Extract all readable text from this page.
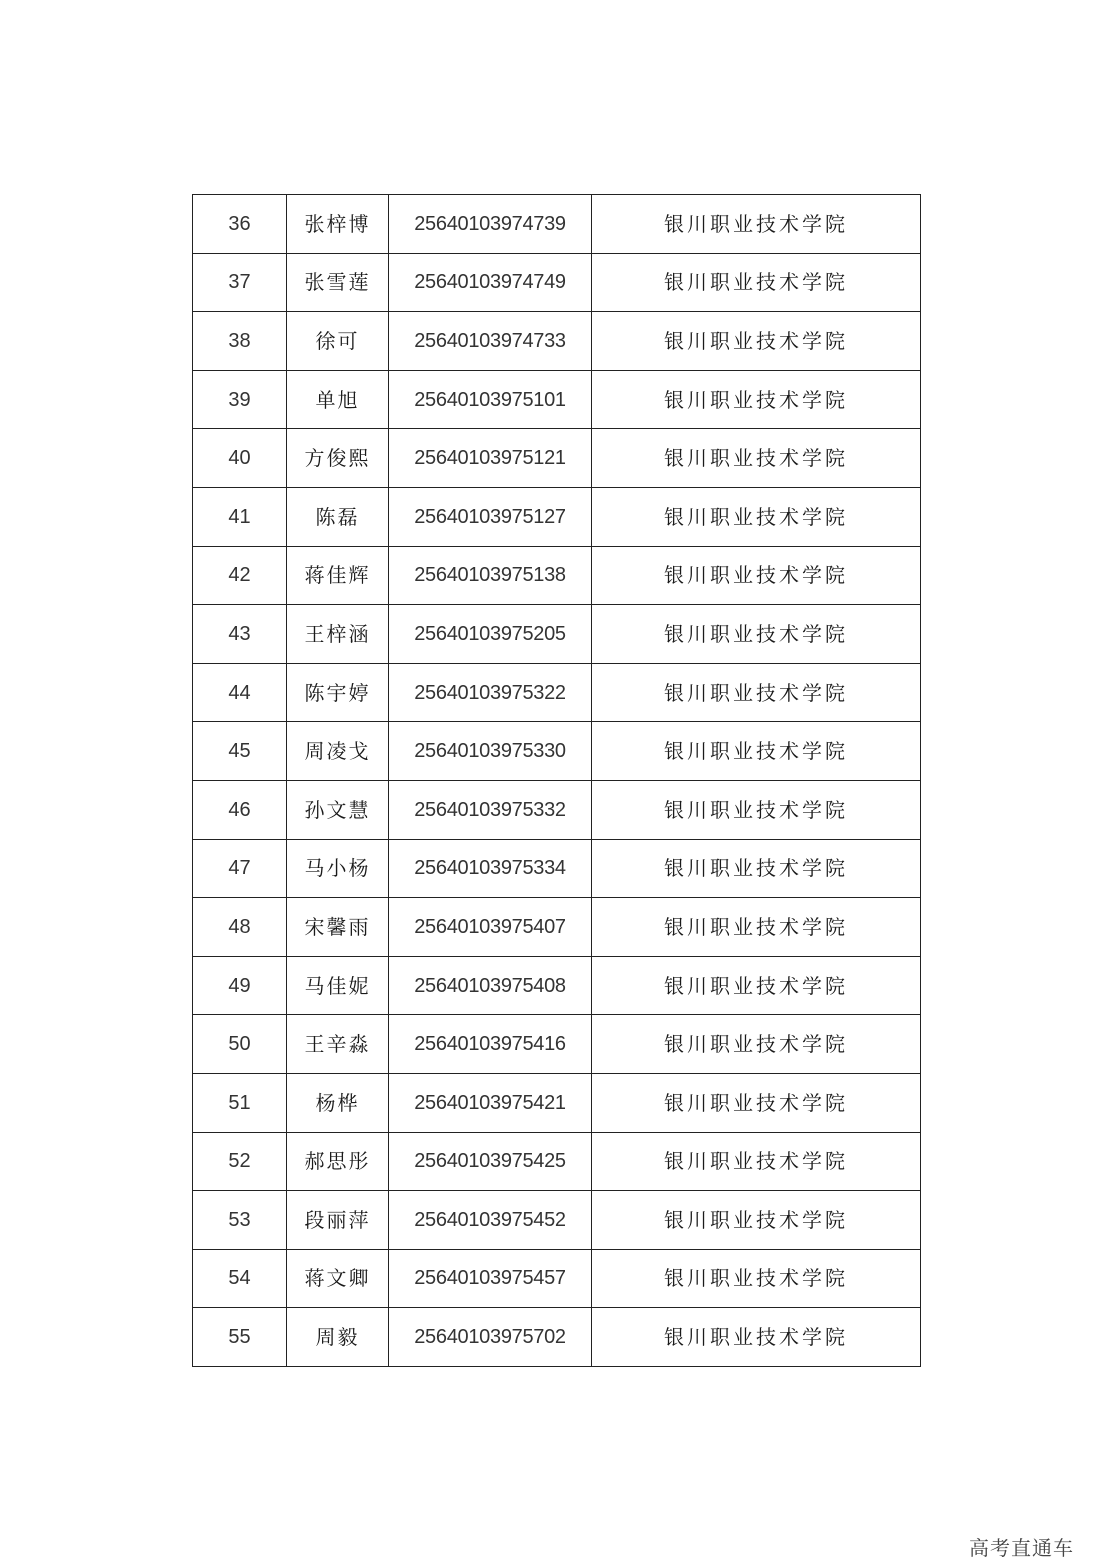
36	张梓博	25640103974739	银川职业技术学院
37	张雪莲	25640103974749	银川职业技术学院
38	徐可	25640103974733	银川职业技术学院
39	单旭	25640103975101	银川职业技术学院
40	方俊熙	25640103975121	银川职业技术学院
41	陈磊	25640103975127	银川职业技术学院
42	蒋佳辉	25640103975138	银川职业技术学院
43	王梓涵	25640103975205	银川职业技术学院
44	陈宇婷	25640103975322	银川职业技术学院
45	周凌戈	25640103975330	银川职业技术学院
46	孙文慧	25640103975332	银川职业技术学院
47	马小杨	25640103975334	银川职业技术学院
48	宋馨雨	25640103975407	银川职业技术学院
49	马佳妮	25640103975408	银川职业技术学院
50	王辛淼	25640103975416	银川职业技术学院
51	杨桦	25640103975421	银川职业技术学院
52	郝思彤	25640103975425	银川职业技术学院
53	段丽萍	25640103975452	银川职业技术学院
54	蒋文卿	25640103975457	银川职业技术学院
55	周毅	25640103975702	银川职业技术学院
高考直通车
